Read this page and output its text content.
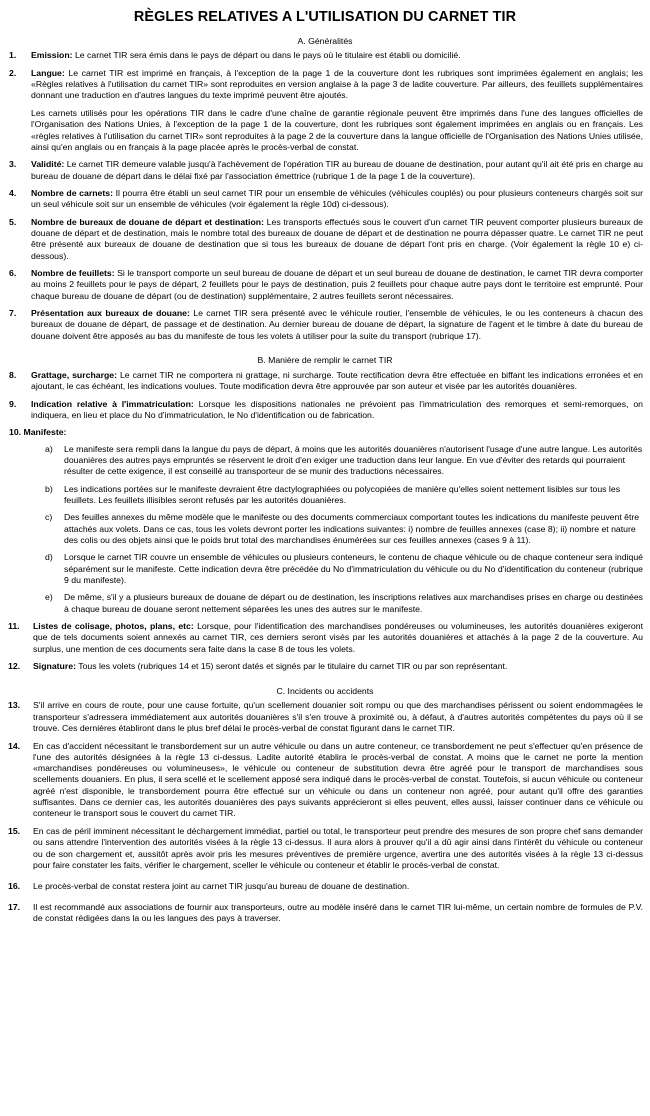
RÈGLES RELATIVES A L'UTILISATION DU CARNET TIR
A. Généralités
1.	Emission: Le carnet TIR sera émis dans le pays de départ ou dans le pays où le titulaire est établi ou domicilié.
2.	Langue: Le carnet TIR est imprimé en français, à l'exception de la page 1 de la couverture dont les rubriques sont imprimées également en anglais; les «Règles relatives à l'utilisation du carnet TIR» sont reproduites en version anglaise à la page 3 de ladite couverture. Par ailleurs, des feuillets supplémentaires donnant une traduction en d'autres langues du texte imprimé peuvent être ajoutés.

Les carnets utilisés pour les opérations TIR dans le cadre d'une chaîne de garantie régionale peuvent être imprimés dans l'une des langues officielles de l'Organisation des Nations Unies, à l'exception de la page 1 de la couverture, dont les rubriques sont également imprimées en anglais ou en français. Les «règles relatives à l'utilisation du carnet TIR» sont reproduites à la page 2 de la couverture dans la langue officielle de l'Organisation des Nations Unies utilisée, ainsi qu'en anglais ou en français à la page placée après le procès-verbal de constat.

3.	Validité: Le carnet TIR demeure valable jusqu'à l'achèvement de l'opération TIR au bureau de douane de destination, pour autant qu'il ait été pris en charge au bureau de douane de départ dans le délai fixé par l'association émettrice (rubrique 1 de la page 1 de la couverture).
4.	Nombre de carnets: Il pourra être établi un seul carnet TIR pour un ensemble de véhicules (véhicules couplés) ou pour plusieurs conteneurs chargés soit sur un seul véhicule soit sur un ensemble de véhicules (voir également la règle 10d) ci-dessous).
5.	Nombre de bureaux de douane de départ et destination: Les transports effectués sous le couvert d'un carnet TIR peuvent comporter plusieurs bureaux de douane de départ et de destination, mais le nombre total des bureaux de douane de départ et de destination ne pourra dépasser quatre. Le carnet TIR ne peut être présenté aux bureaux de douane de destination que si tous les bureaux de douane de départ l'ont pris en charge. (Voir également la règle 10 e) ci-dessous).
6.	Nombre de feuillets: Si le transport comporte un seul bureau de douane de départ et un seul bureau de douane de destination, le carnet TIR devra comporter au moins 2 feuillets pour le pays de départ, 2 feuillets pour le pays de destination, puis 2 feuillets pour chaque autre pays dont le territoire est emprunté. Pour chaque bureau de douane de départ (ou de destination) supplémentaire, 2 autres feuillets seront nécessaires.
7.	Présentation aux bureaux de douane: Le carnet TIR sera présenté avec le véhicule routier, l'ensemble de véhicules, le ou les conteneurs à chacun des bureaux de douane de départ, de passage et de destination. Au dernier bureau de douane de départ, la signature de l'agent et le timbre à date du bureau de douane doivent être apposés au bas du manifeste de tous les volets à utiliser pour la suite du transport (rubrique 17).
B. Manière de remplir le carnet TIR
8.	Grattage, surcharge: Le carnet TIR ne comportera ni grattage, ni surcharge. Toute rectification devra être effectuée en biffant les indications erronées et en ajoutant, le cas échéant, les indications voulues. Toute modification devra être approuvée par son auteur et visée par les autorités douanières.
9.	Indication relative à l'immatriculation: Lorsque les dispositions nationales ne prévoient pas l'immatriculation des remorques et semi-remorques, on indiquera, en lieu et place du No d'immatriculation, le No d'identification ou de fabrication.
10. Manifeste:
a)	Le manifeste sera rempli dans la langue du pays de départ, à moins que les autorités douanières n'autorisent l'usage d'une autre langue. Les autorités douanières des autres pays empruntés se réservent le droit d'en exiger une traduction dans leur langue. En vue d'éviter des retards qui pourraient résulter de cette exigence, il est conseillé au transporteur de se munir des traductions nécessaires.
b)	Les indications portées sur le manifeste devraient être dactylographiées ou polycopiées de manière qu'elles soient nettement lisibles sur tous les feuillets. Les feuillets illisibles seront refusés par les autorités douanières.
c)	Des feuilles annexes du même modèle que le manifeste ou des documents commerciaux comportant toutes les indications du manifeste peuvent être attachés aux volets. Dans ce cas, tous les volets devront porter les indications suivantes: i) nombre de feuilles annexes (case 8); ii) nombre et nature des colis ou des objets ainsi que le poids brut total des marchandises énumérées sur ces feuilles annexes (cases 9 à 11).
d)	Lorsque le carnet TIR couvre un ensemble de véhicules ou plusieurs conteneurs, le contenu de chaque véhicule ou de chaque conteneur sera indiqué séparément sur le manifeste. Cette indication devra être précédée du No d'immatriculation du véhicule ou du No d'identification du conteneur (rubrique 9 du manifeste).
e)	De même, s'il y a plusieurs bureaux de douane de départ ou de destination, les inscriptions relatives aux marchandises prises en charge ou destinées à chaque bureau de douane seront nettement séparées les unes des autres sur le manifeste.
11.	Listes de colisage, photos, plans, etc: Lorsque, pour l'identification des marchandises pondéreuses ou volumineuses, les autorités douanières exigeront que de tels documents soient annexés au carnet TIR, ces derniers seront visés par les autorités douanières et attachés à la page 2 de la couverture. Au surplus, une mention de ces documents sera faite dans la case 8 de tous les volets.
12.	Signature: Tous les volets (rubriques 14 et 15) seront datés et signés par le titulaire du carnet TIR ou par son représentant.
C. Incidents ou accidents
13.	S'il arrive en cours de route, pour une cause fortuite, qu'un scellement douanier soit rompu ou que des marchandises périssent ou soient endommagées le transporteur s'adressera immédiatement aux autorités douanières s'il s'en trouve à proximité ou, à défaut, à d'autres autorités compétentes du pays où il se trouve. Ces dernières établiront dans le plus bref délai le procès-verbal de constat figurant dans le carnet TIR.
14.	En cas d'accident nécessitant le transbordement sur un autre véhicule ou dans un autre conteneur, ce transbordement ne peut s'effectuer qu'en présence de l'une des autorités désignées à la règle 13 ci-dessus. Ladite autorité établira le procès-verbal de constat. A moins que le carnet ne porte la mention «marchandises pondéreuses ou volumineuses», le véhicule ou conteneur de substitution devra être agréé pour le transport de marchandises sous scellements douaniers. En plus, il sera scellé et le scellement apposé sera indiqué dans le procès-verbal de constat. Toutefois, si aucun véhicule ou conteneur agréé n'est disponible, le transbordement pourra être effectué sur un véhicule ou dans un conteneur non agréé, pour autant qu'il offre des garanties suffisantes. Dans ce dernier cas, les autorités douanières des pays suivants apprécieront si elles peuvent, elles aussi, laisser continuer dans ce véhicule ou conteneur le transport sous le couvert du carnet TIR.
15.	En cas de péril imminent nécessitant le déchargement immédiat, partiel ou total, le transporteur peut prendre des mesures de son propre chef sans demander ou sans attendre l'intervention des autorités visées à la règle 13 ci-dessus. Il aura alors à prouver qu'il a dû agir ainsi dans l'intérêt du véhicule ou conteneur ou de son chargement et, aussitôt après avoir pris les mesures préventives de première urgence, avertira une des autorités visées à la règle 13 ci-dessus pour faire constater les faits, vérifier le chargement, sceller le véhicule ou conteneur et établir le procès-verbal de constat.
16.	Le procès-verbal de constat restera joint au carnet TIR jusqu'au bureau de douane de destination.
17.	Il est recommandé aux associations de fournir aux transporteurs, outre au modèle inséré dans le carnet TIR lui-même, un certain nombre de formules de P.V. de constat rédigées dans la ou les langues des pays à traverser.
